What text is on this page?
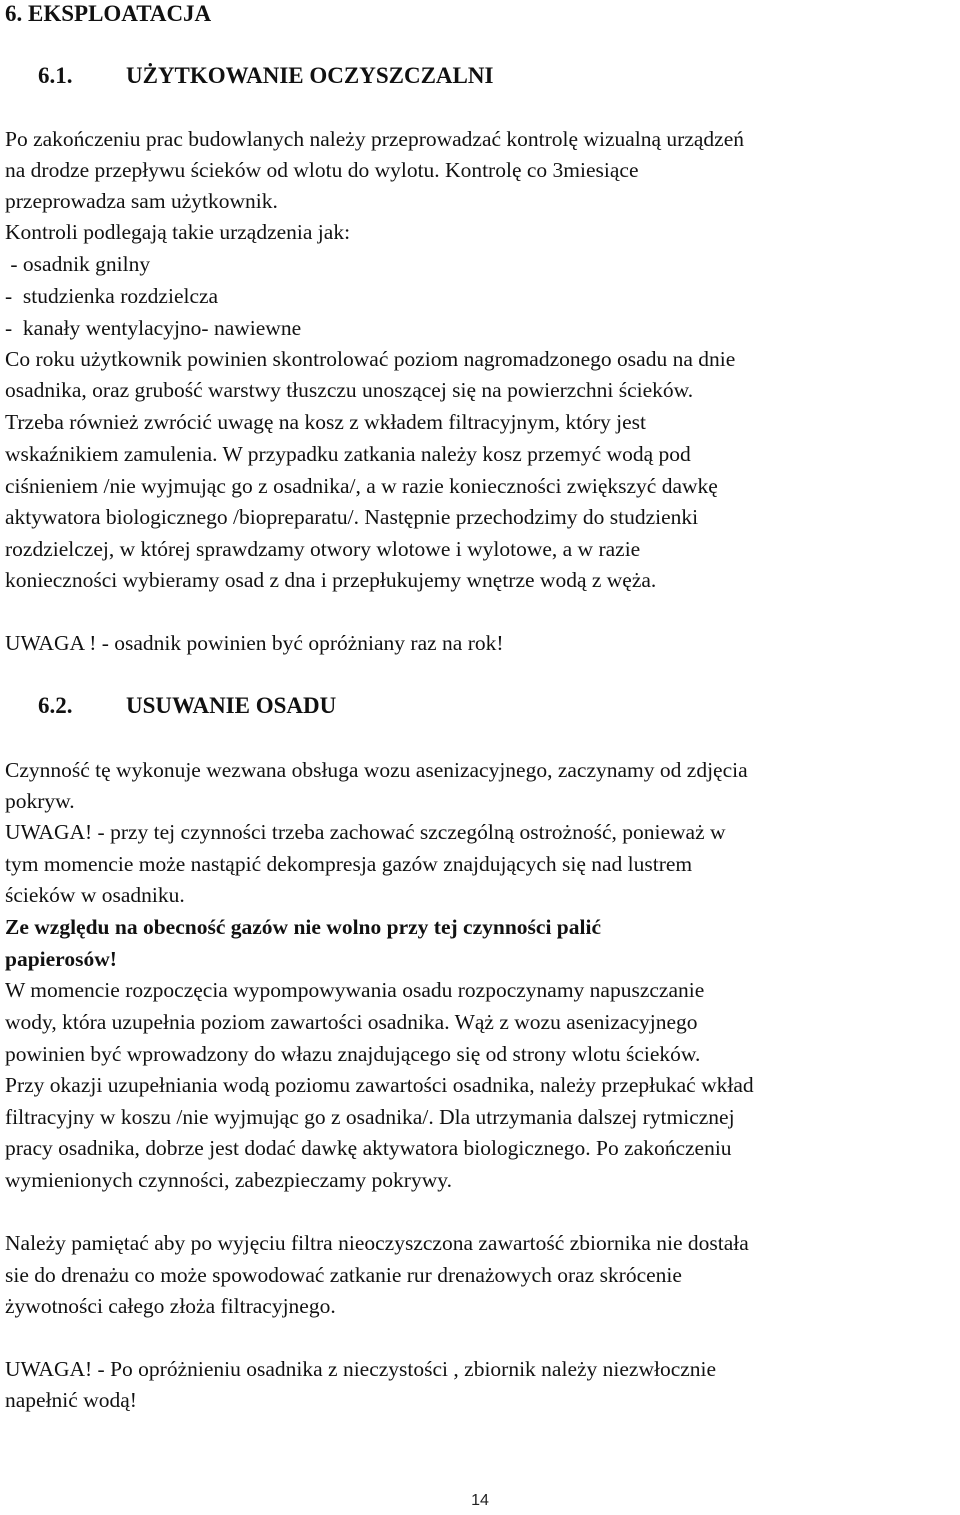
6. EKSPLOATACJA
6.1. UŻYTKOWANIE OCZYSZCZALNI
Po zakończeniu prac budowlanych należy przeprowadzać kontrolę wizualną urządzeń
na drodze przepływu ścieków od wlotu do wylotu. Kontrolę co 3miesiące
przeprowadza sam użytkownik.
Kontroli podlegają takie urządzenia jak:
- osadnik gnilny
-  studzienka rozdzielcza
-  kanały wentylacyjno- nawiewne
Co roku użytkownik powinien skontrolować poziom nagromadzonego osadu na dnie
osadnika, oraz grubość warstwy tłuszczu unoszącej się na powierzchni ścieków.
Trzeba również zwrócić uwagę na kosz z wkładem filtracyjnym, który jest
wskaźnikiem zamulenia. W przypadku zatkania należy kosz przemyć wodą pod
ciśnieniem /nie wyjmując go z osadnika/, a w razie konieczności zwiększyć dawkę
aktywatora biologicznego /biopreparatu/. Następnie przechodzimy do studzienki
rozdzielczej, w której sprawdzamy otwory wlotowe i wylotowe, a w razie
konieczności wybieramy osad z dna i przepłukujemy wnętrze wodą z węża.
UWAGA ! - osadnik powinien być opróżniany raz na rok!
6.2. USUWANIE OSADU
Czynność tę wykonuje wezwana obsługa wozu asenizacyjnego, zaczynamy od zdjęcia
pokryw.
UWAGA! - przy tej czynności trzeba zachować szczególną ostrożność, ponieważ w
tym momencie może nastąpić dekompresja gazów znajdujących się nad lustrem
ścieków w osadniku.
Ze względu na obecność gazów nie wolno przy tej czynności palić
papierosów!
W momencie rozpoczęcia wypompowywania osadu rozpoczynamy napuszczanie
wody, która uzupełnia poziom zawartości osadnika. Wąż z wozu asenizacyjnego
powinien być wprowadzony do włazu znajdującego się od strony wlotu ścieków.
Przy okazji uzupełniania wodą poziomu zawartości osadnika, należy przepłukać wkład
filtracyjny w koszu /nie wyjmując go z osadnika/. Dla utrzymania dalszej rytmicznej
pracy osadnika, dobrze jest dodać dawkę aktywatora biologicznego. Po zakończeniu
wymienionych czynności, zabezpieczamy pokrywy.
Należy pamiętać aby po wyjęciu filtra nieoczyszczona zawartość zbiornika nie dostała
sie do drenażu co może spowodować zatkanie rur drenażowych oraz skrócenie
żywotności całego złoża filtracyjnego.
UWAGA! - Po opróżnieniu osadnika z nieczystości , zbiornik należy niezwłocznie
napełnić wodą!
14
